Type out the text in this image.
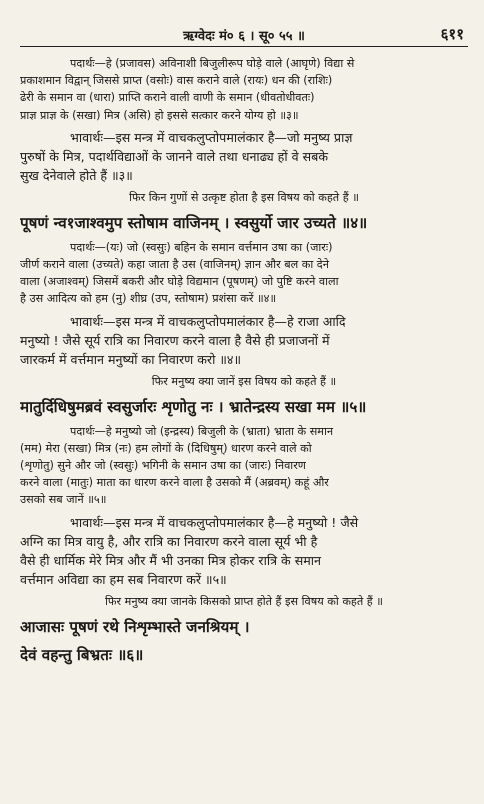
ऋग्वेदः मं० ६ । सू० ५५ ॥	६११
पदार्थः—हे (प्रजावस) अविनाशी बिजुलीरूप घोड़े वाले (आघृणे) विद्या से
प्रकाशमान विद्वान् जिससे प्राप्त (वसोः) वास कराने वाले (रायः) धन की (राशिः)
ढेरी के समान वा (धारा) प्राप्ति कराने वाली वाणी के समान (धीवतोधीवतः)
प्राज्ञ प्राज्ञ के (सखा) मित्र (असि) हो इससे सत्कार करने योग्य हो ॥३॥
भावार्थः—इस मन्त्र में वाचकलुप्तोपमालंकार है—जो मनुष्य प्राज्ञ
पुरुषों के मित्र, पदार्थविद्याओं के जानने वाले तथा धनाढ्य हों वे सबके
सुख देनेवाले होते हैं ॥३॥
फिर किन गुणों से उत्कृष्ट होता है इस विषय को कहते हैं ॥
पूषणं न्व१जाश्वमुप स्तोषाम वाजिनम् । स्वसुर्यो जार उच्यते ॥४॥
पदार्थः—(यः) जो (स्वसुः) बहिन के समान वर्त्तमान उषा का (जारः)
जीर्ण कराने वाला (उच्यते) कहा जाता है उस (वाजिनम्) ज्ञान और बल का देने
वाला (अजाश्वम्) जिसमें बकरी और घोड़े विद्यमान (पूषणम्) जो पुष्टि करने वाला
है उस आदित्य को हम (नु) शीघ्र (उप, स्तोषाम) प्रशंसा करें ॥४॥
भावार्थः—इस मन्त्र में वाचकलुप्तोपमालंकार है—हे राजा आदि
मनुष्यो ! जैसे सूर्य रात्रि का निवारण करने वाला है वैसे ही प्रजाजनों में
जारकर्म में वर्त्तमान मनुष्यों का निवारण करो ॥४॥
फिर मनुष्य क्या जानें इस विषय को कहते हैं ॥
मातुर्दिधिषुमब्रवं स्वसुर्जारः शृणोतु नः । भ्रातेन्द्रस्य सखा मम ॥५॥
पदार्थः—हे मनुष्यो जो (इन्द्रस्य) बिजुली के (भ्राता) भ्राता के समान
(मम) मेरा (सखा) मित्र (नः) हम लोगों के (दिधिषुम्) धारण करने वाले को
(शृणोतु) सुने और जो (स्वसुः) भगिनी के समान उषा का (जारः) निवारण
करने वाला (मातुः) माता का धारण करने वाला है उसको मैं (अब्रवम्) कहूं और
उसको सब जानें ॥५॥
भावार्थः—इस मन्त्र में वाचकलुप्तोपमालंकार है—हे मनुष्यो ! जैसे
अग्नि का मित्र वायु है, और रात्रि का निवारण करने वाला सूर्य भी है
वैसे ही धार्मिक मेरे मित्र और मैं भी उनका मित्र होकर रात्रि के समान
वर्त्तमान अविद्या का हम सब निवारण करें ॥५॥
फिर मनुष्य क्या जानके किसको प्राप्त होते हैं इस विषय को कहते हैं ॥
आजासः पूषणं रथे निशृम्भास्ते जनश्रियम् ।
देवं वहन्तु बिभ्रतः ॥६॥
